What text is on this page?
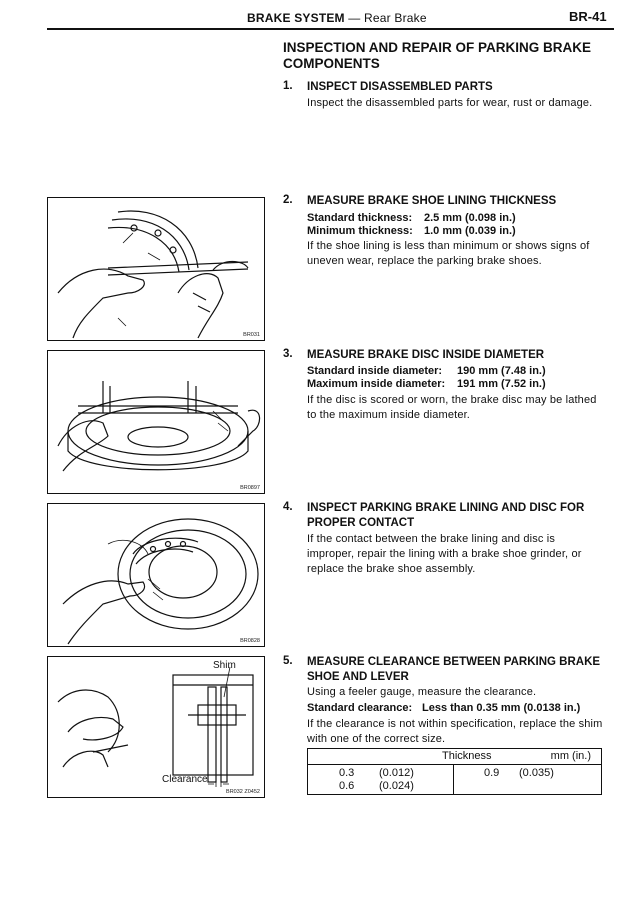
BRAKE SYSTEM — Rear Brake	BR-41
INSPECTION AND REPAIR OF PARKING BRAKE COMPONENTS
1. INSPECT DISASSEMBLED PARTS
Inspect the disassembled parts for wear, rust or damage.
2. MEASURE BRAKE SHOE LINING THICKNESS
Standard thickness: 2.5 mm (0.098 in.)
Minimum thickness: 1.0 mm (0.039 in.)
If the shoe lining is less than minimum or shows signs of uneven wear, replace the parking brake shoes.
3. MEASURE BRAKE DISC INSIDE DIAMETER
Standard inside diameter: 190 mm (7.48 in.)
Maximum inside diameter: 191 mm (7.52 in.)
If the disc is scored or worn, the brake disc may be lathed to the maximum inside diameter.
4. INSPECT PARKING BRAKE LINING AND DISC FOR PROPER CONTACT
If the contact between the brake lining and disc is improper, repair the lining with a brake shoe grinder, or replace the brake shoe assembly.
5. MEASURE CLEARANCE BETWEEN PARKING BRAKE SHOE AND LEVER
Using a feeler gauge, measure the clearance.
Standard clearance: Less than 0.35 mm (0.0138 in.)
If the clearance is not within specification, replace the shim with one of the correct size.
Thickness	mm (in.)

0.3 (0.012)
0.6 (0.024)

0.9 (0.035)
BR031
BR0897
BR0828
Shim
Clearance
BR032 Z0452
